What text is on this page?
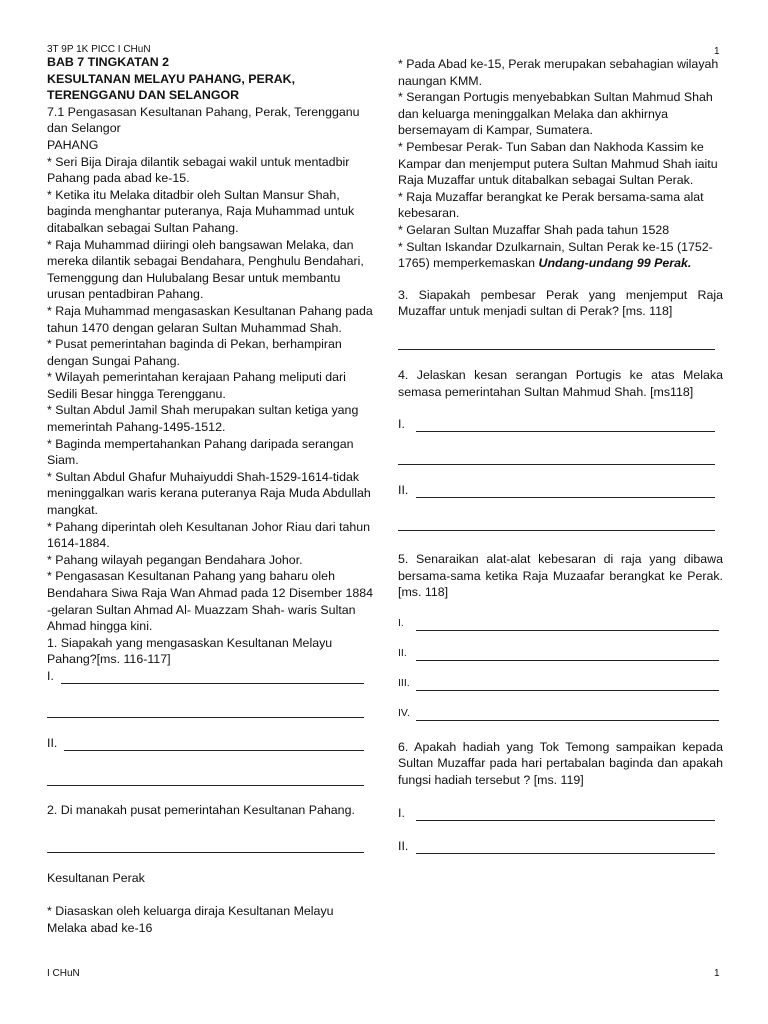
3T 9P 1K PICC I CHuN	1

BAB 7 TINGKATAN 2

KESULTANAN MELAYU PAHANG, PERAK,

TERENGGANU DAN SELANGOR

7.1 Pengasasan Kesultanan Pahang, Perak, Terengganu dan Selangor

PAHANG

* Seri Bija Diraja dilantik sebagai wakil untuk mentadbir Pahang pada abad ke-15.

* Ketika itu Melaka ditadbir oleh Sultan Mansur Shah, baginda menghantar puteranya, Raja Muhammad untuk ditabalkan sebagai Sultan Pahang.

* Raja Muhammad diiringi oleh bangsawan Melaka, dan mereka dilantik sebagai Bendahara, Penghulu Bendahari, Temenggung dan Hulubalang Besar untuk membantu urusan pentadbiran Pahang.

* Raja Muhammad mengasaskan Kesultanan Pahang pada tahun 1470 dengan gelaran Sultan Muhammad Shah.

* Pusat pemerintahan baginda di Pekan, berhampiran dengan Sungai Pahang.

* Wilayah pemerintahan kerajaan Pahang meliputi dari Sedili Besar hingga Terengganu.

* Sultan Abdul Jamil Shah merupakan sultan ketiga yang memerintah Pahang-1495-1512.

* Baginda mempertahankan Pahang daripada serangan Siam.

* Sultan Abdul Ghafur Muhaiyuddi Shah-1529-1614-tidak meninggalkan waris kerana puteranya Raja Muda Abdullah mangkat.

* Pahang diperintah oleh Kesultanan Johor Riau dari tahun 1614-1884.

* Pahang wilayah pegangan Bendahara Johor.

* Pengasasan Kesultanan Pahang yang baharu oleh Bendahara Siwa Raja Wan Ahmad pada 12 Disember 1884 -gelaran Sultan Ahmad Al- Muazzam Shah- waris Sultan Ahmad hingga kini.

1. Siapakah yang mengasaskan Kesultanan Melayu Pahang?[ms. 116-117]

I.
II.

2. Di manakah pusat pemerintahan Kesultanan Pahang.

Kesultanan Perak

* Diasaskan oleh keluarga diraja Kesultanan Melayu Melaka abad ke-16

* Pada Abad ke-15, Perak merupakan sebahagian wilayah naungan KMM.

* Serangan Portugis menyebabkan Sultan Mahmud Shah dan keluarga meninggalkan Melaka dan akhirnya bersemayam di Kampar, Sumatera.

* Pembesar Perak- Tun Saban dan Nakhoda Kassim ke Kampar dan menjemput putera Sultan Mahmud Shah iaitu Raja Muzaffar untuk ditabalkan sebagai Sultan Perak.

* Raja Muzaffar berangkat ke Perak bersama-sama alat kebesaran.

* Gelaran Sultan Muzaffar Shah pada tahun 1528

* Sultan Iskandar Dzulkarnain, Sultan Perak ke-15 (1752-1765) memperkemaskan Undang-undang 99 Perak.

3. Siapakah pembesar Perak yang menjemput Raja Muzaffar untuk menjadi sultan di Perak? [ms. 118]

4. Jelaskan kesan serangan Portugis ke atas Melaka semasa pemerintahan Sultan Mahmud Shah. [ms118]

I.
II.

5. Senaraikan alat-alat kebesaran di raja yang dibawa bersama-sama ketika Raja Muzaafar berangkat ke Perak. [ms. 118]

I.
II.
III.
IV.

6. Apakah hadiah yang Tok Temong sampaikan kepada Sultan Muzaffar pada hari pertabalan baginda dan apakah fungsi hadiah tersebut ? [ms. 119]

I.
II.
I CHuN	1
